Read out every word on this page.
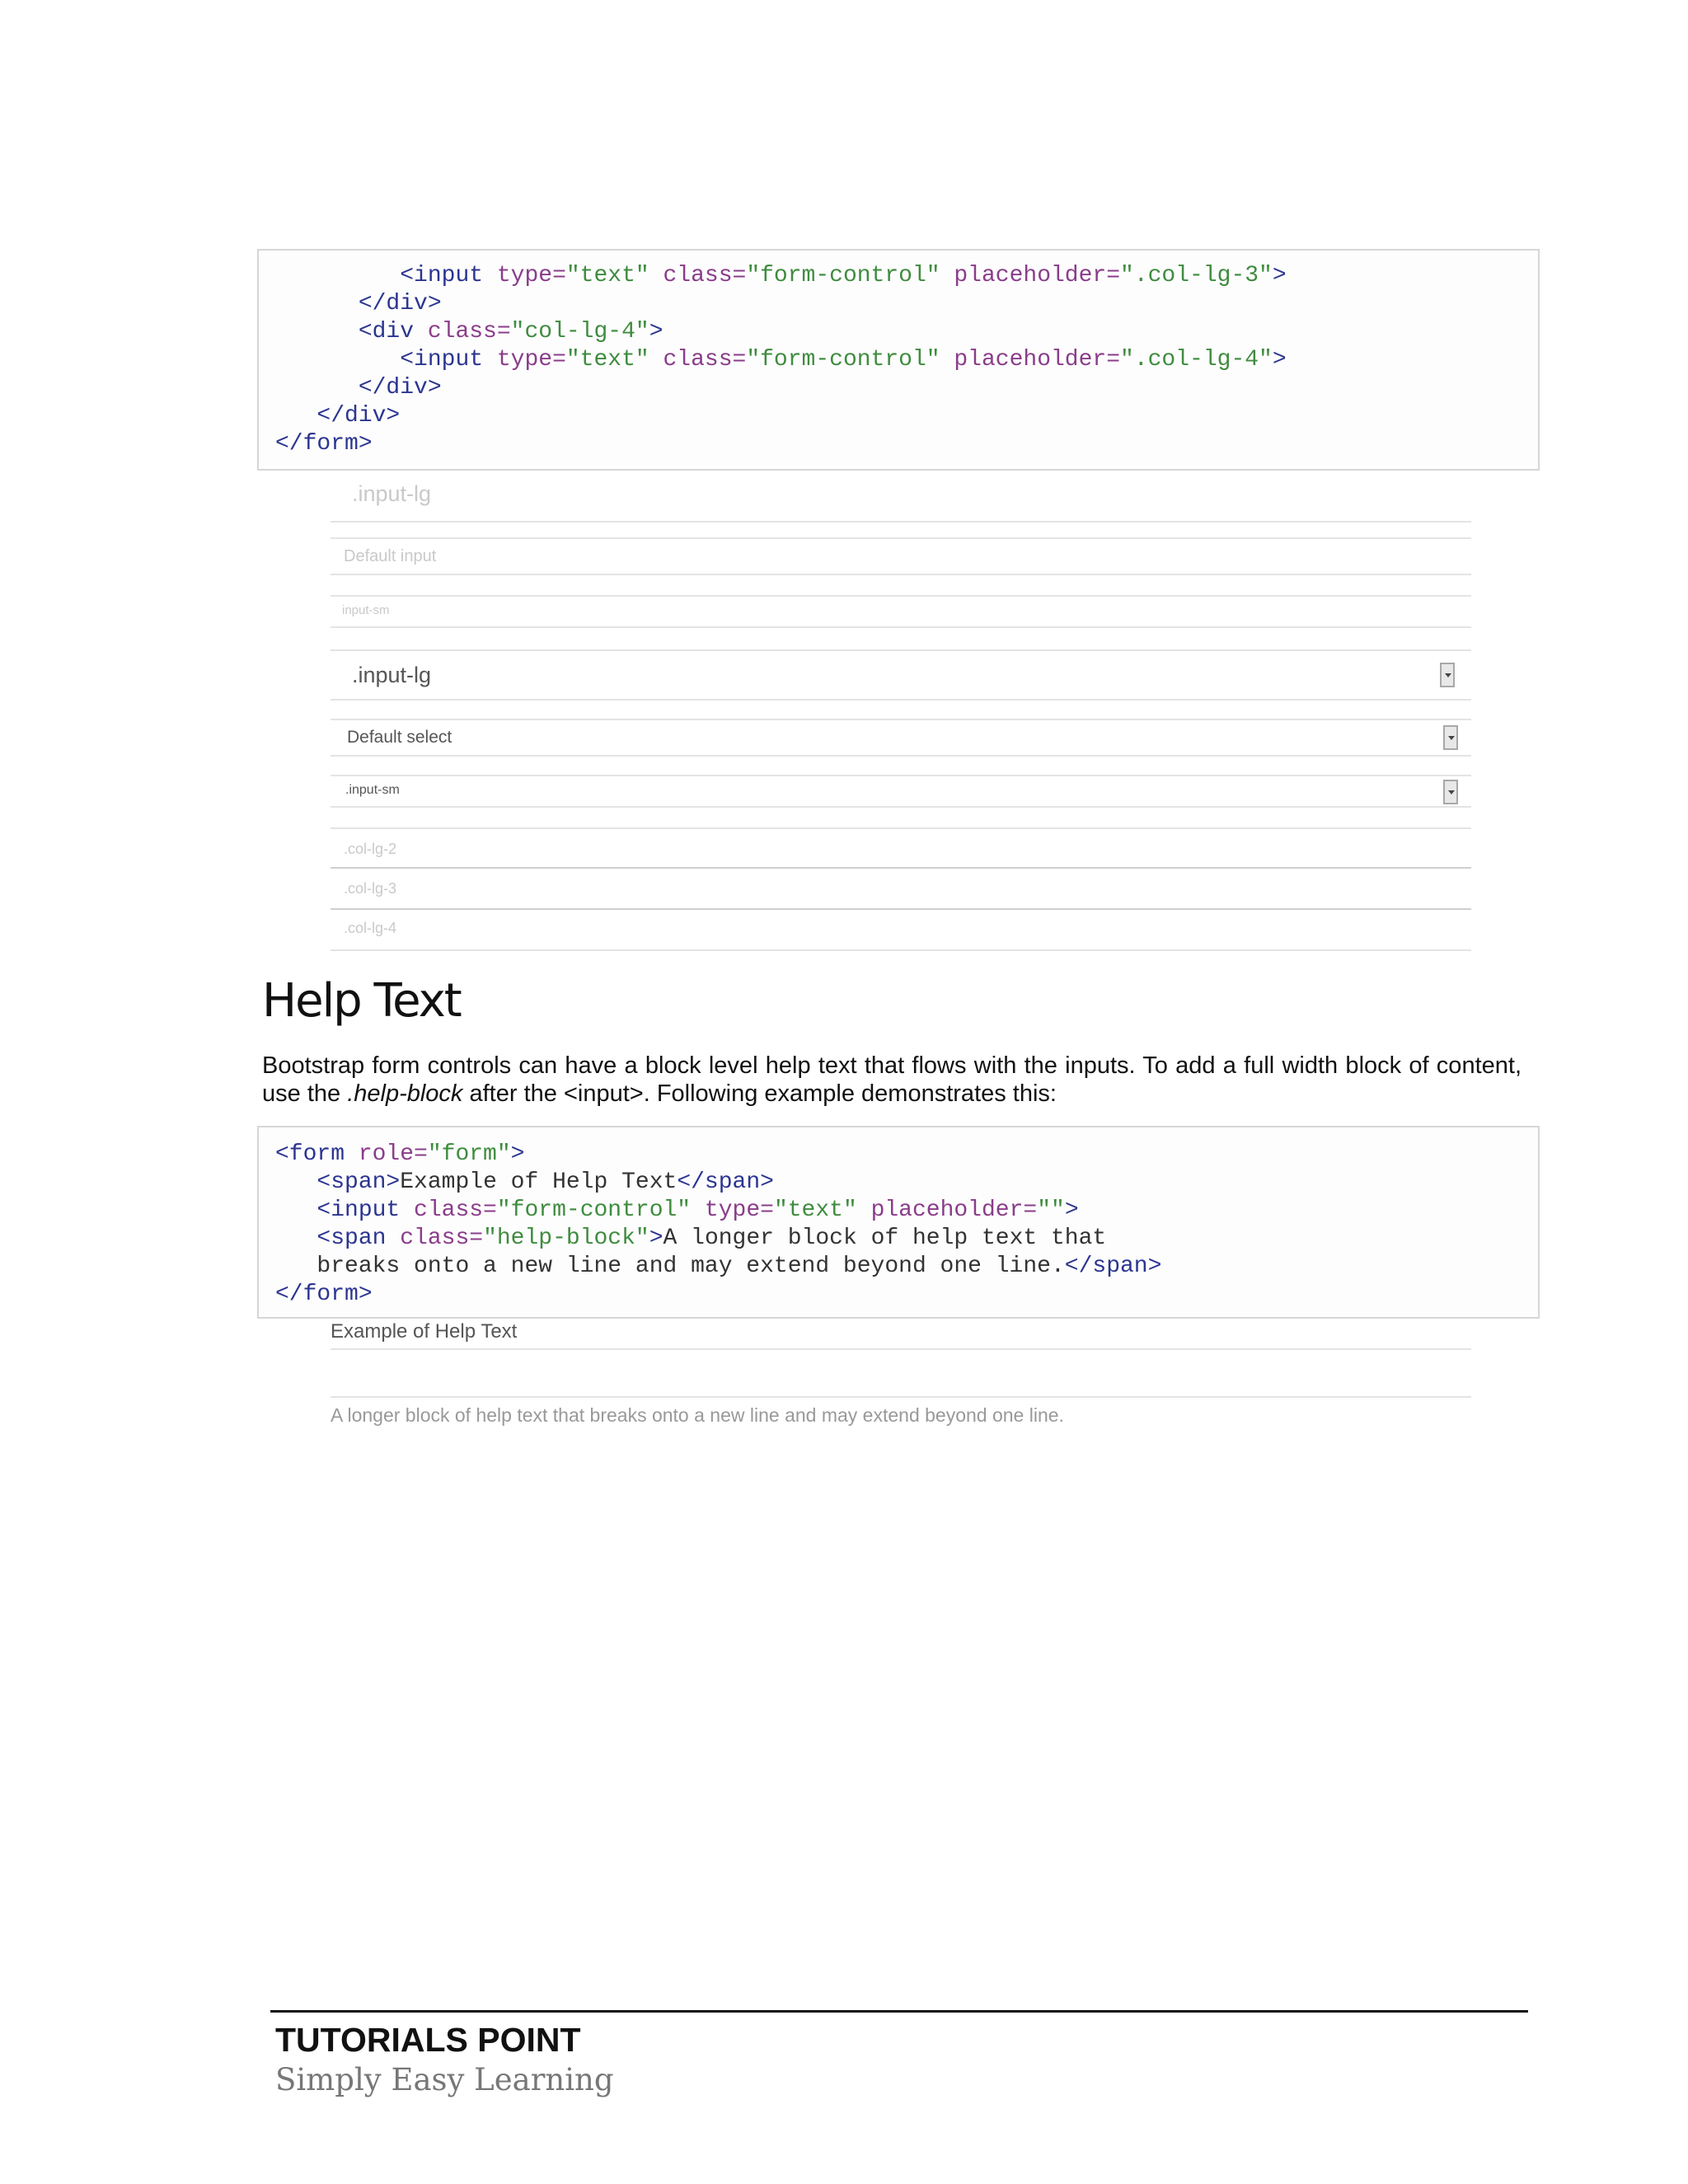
<input type="text" class="form-control" placeholder=".col-lg-3">
</div>
<div class="col-lg-4">
<input type="text" class="form-control" placeholder=".col-lg-4">
</div>
</div>
</form>
.input-lg
Default input
input-sm
.input-lg
Default select
.input-sm
.col-lg-2
.col-lg-3
.col-lg-4
Help Text
Bootstrap form controls can have a block level help text that flows with the inputs. To add a full width block of content, use the .help-block after the <input>. Following example demonstrates this:
<form role="form">
<span>Example of Help Text</span>
<input class="form-control" type="text" placeholder="">
<span class="help-block">A longer block of help text that
breaks onto a new line and may extend beyond one line.</span>
</form>
Example of Help Text
A longer block of help text that breaks onto a new line and may extend beyond one line.
TUTORIALS POINT
Simply Easy Learning
